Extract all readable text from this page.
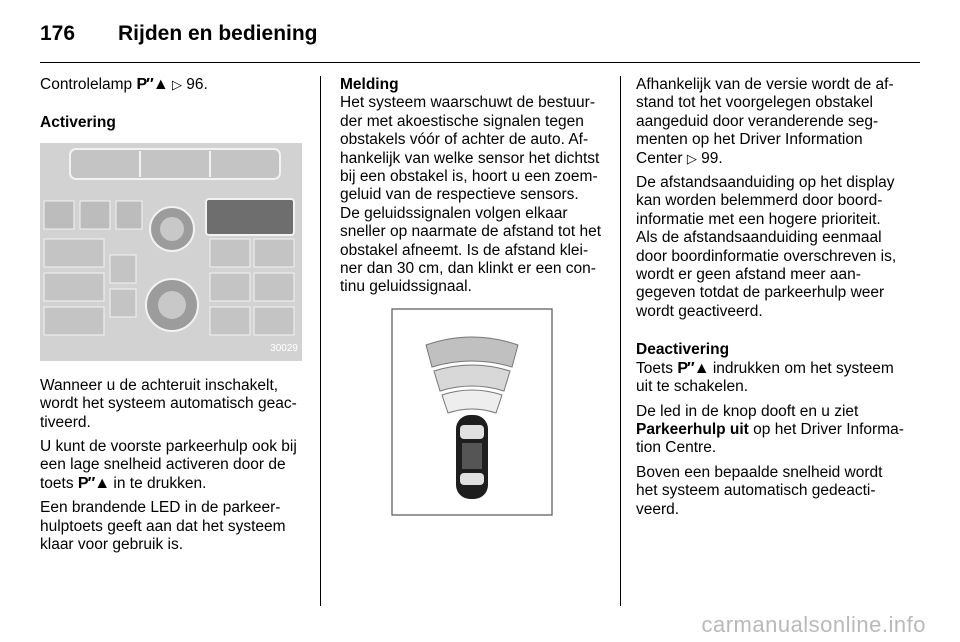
176 Rijden en bediening

Controlelamp P″▲ ▷ 96.

Activering

30029

Wanneer u de achteruit inschakelt, wordt het systeem automatisch geactiveerd.

U kunt de voorste parkeerhulp ook bij een lage snelheid activeren door de toets P″▲ in te drukken.

Een brandende LED in de parkeerhulptoets geeft aan dat het systeem klaar voor gebruik is.

Melding

Het systeem waarschuwt de bestuurder met akoestische signalen tegen obstakels vóór of achter de auto. Afhankelijk van welke sensor het dichtst bij een obstakel is, hoort u een zoemgeluid van de respectieve sensors.

De geluidssignalen volgen elkaar sneller op naarmate de afstand tot het obstakel afneemt. Is de afstand kleiner dan 30 cm, dan klinkt er een continu geluidssignaal.

Afhankelijk van de versie wordt de afstand tot het voorgelegen obstakel aangeduid door veranderende segmenten op het Driver Information Center ▷ 99.

De afstandsaanduiding op het display kan worden belemmerd door boordinformatie met een hogere prioriteit. Als de afstandsaanduiding eenmaal door boordinformatie overschreven is, wordt er geen afstand meer aangegeven totdat de parkeerhulp weer wordt geactiveerd.

Deactivering

Toets P″▲ indrukken om het systeem uit te schakelen.

De led in de knop dooft en u ziet Parkeerhulp uit op het Driver Information Centre.

Boven een bepaalde snelheid wordt het systeem automatisch gedeactiveerd.

carmanualsonline.info
